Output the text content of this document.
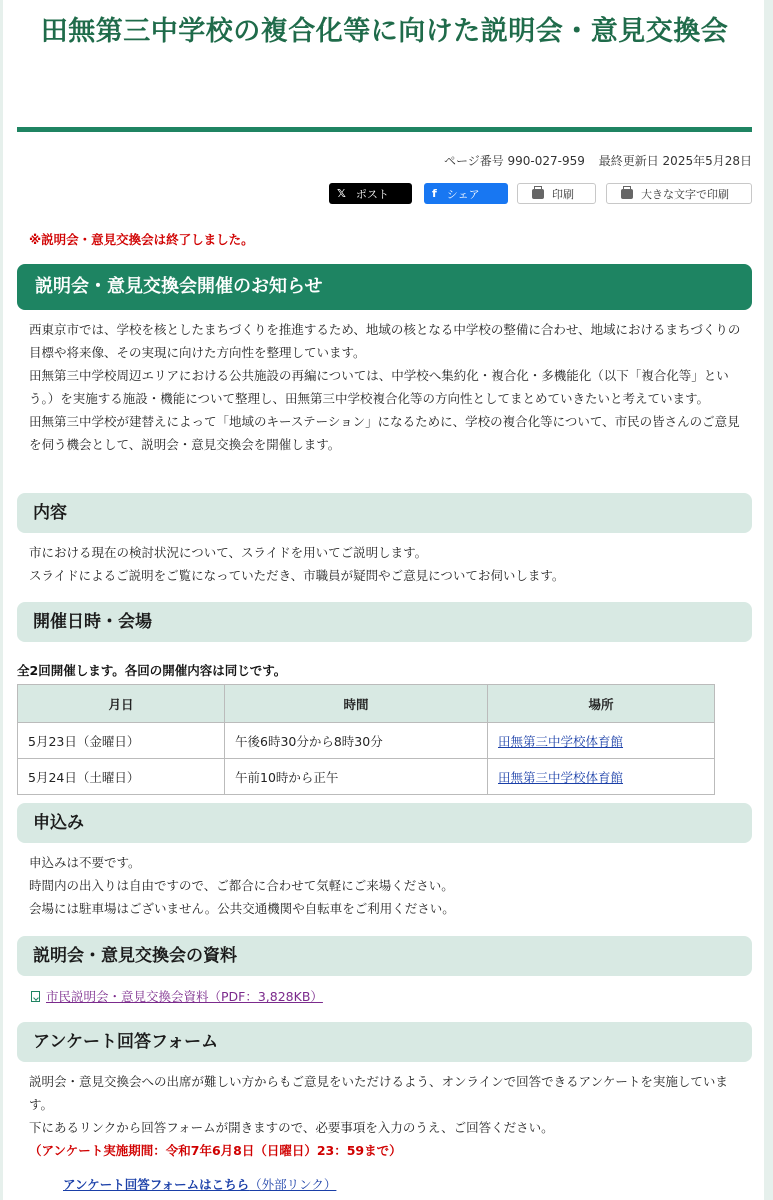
田無第三中学校の複合化等に向けた説明会・意見交換会
ページ番号 990-027-959 最終更新日 2025年5月28日
𝕏 ポスト	f シェア	印刷	大きな文字で印刷
※説明会・意見交換会は終了しました。
説明会・意見交換会開催のお知らせ

西東京市では、学校を核としたまちづくりを推進するため、地域の核となる中学校の整備に合わせ、地域におけるまちづくりの目標や将来像、その実現に向けた方向性を整理しています。

田無第三中学校周辺エリアにおける公共施設の再編については、中学校へ集約化・複合化・多機能化（以下「複合化等」という。）を実施する施設・機能について整理し、田無第三中学校複合化等の方向性としてまとめていきたいと考えています。

田無第三中学校が建替えによって「地域のキーステーション」になるために、学校の複合化等について、市民の皆さんのご意見を伺う機会として、説明会・意見交換会を開催します。

内容

市における現在の検討状況について、スライドを用いてご説明します。

スライドによるご説明をご覧になっていただき、市職員が疑問やご意見についてお伺いします。

開催日時・会場
全2回開催します。各回の開催内容は同じです。
月日	時間	場所
5月23日（金曜日）	午後6時30分から8時30分	田無第三中学校体育館
5月24日（土曜日）	午前10時から正午	田無第三中学校体育館
申込み

申込みは不要です。

時間内の出入りは自由ですので、ご都合に合わせて気軽にご来場ください。

会場には駐車場はございません。公共交通機関や自転車をご利用ください。

説明会・意見交換会の資料
市民説明会・意見交換会資料（PDF：3,828KB）
アンケート回答フォーム

説明会・意見交換会への出席が難しい方からもご意見をいただけるよう、オンラインで回答できるアンケートを実施しています。

下にあるリンクから回答フォームが開きますので、必要事項を入力のうえ、ご回答ください。

（アンケート実施期間：令和7年6月8日（日曜日）23：59まで）

アンケート回答フォームはこちら（外部リンク）
